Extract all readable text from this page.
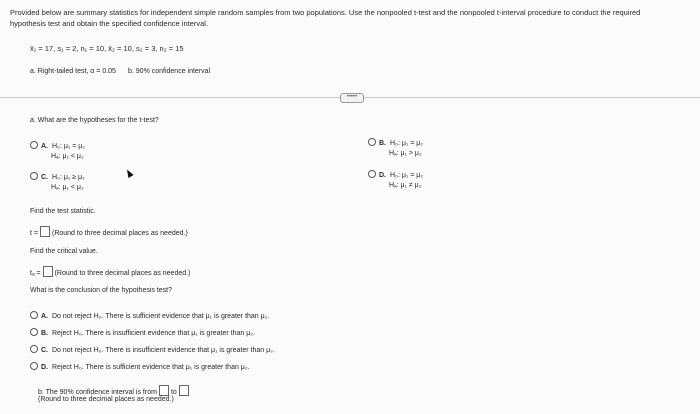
Provided below are summary statistics for independent simple random samples from two populations. Use the nonpooled t-test and the nonpooled t-interval procedure to conduct the required
hypothesis test and obtain the specified confidence interval.
x̄₁ = 17, s₁ = 2, n₁ = 10, x̄₂ = 10, s₂ = 3, n₂ = 15
a. Right-tailed test, α = 0.05 b. 90% confidence interval
•••••
a. What are the hypotheses for the t-test?
A. H₀: μ₁ = μ₂
Hₐ: μ₁ < μ₂
C. H₀: μ₁ ≥ μ₂
Hₐ: μ₁ < μ₂
B. H₀: μ₁ = μ₂
Hₐ: μ₁ > μ₂
D. H₀: μ₁ = μ₂
Hₐ: μ₁ ≠ μ₂
Find the test statistic.
t = (Round to three decimal places as needed.)
Find the critical value.
tₐ = (Round to three decimal places as needed.)
What is the conclusion of the hypothesis test?
A. Do not reject H₀. There is sufficient evidence that μ₁ is greater than μ₂.
B. Reject H₀. There is insufficient evidence that μ₁ is greater than μ₂.
C. Do not reject H₀. There is insufficient evidence that μ₁ is greater than μ₂.
D. Reject H₀. There is sufficient evidence that μ₁ is greater than μ₂.
b. The 90% confidence interval is from to
(Round to three decimal places as needed.)
